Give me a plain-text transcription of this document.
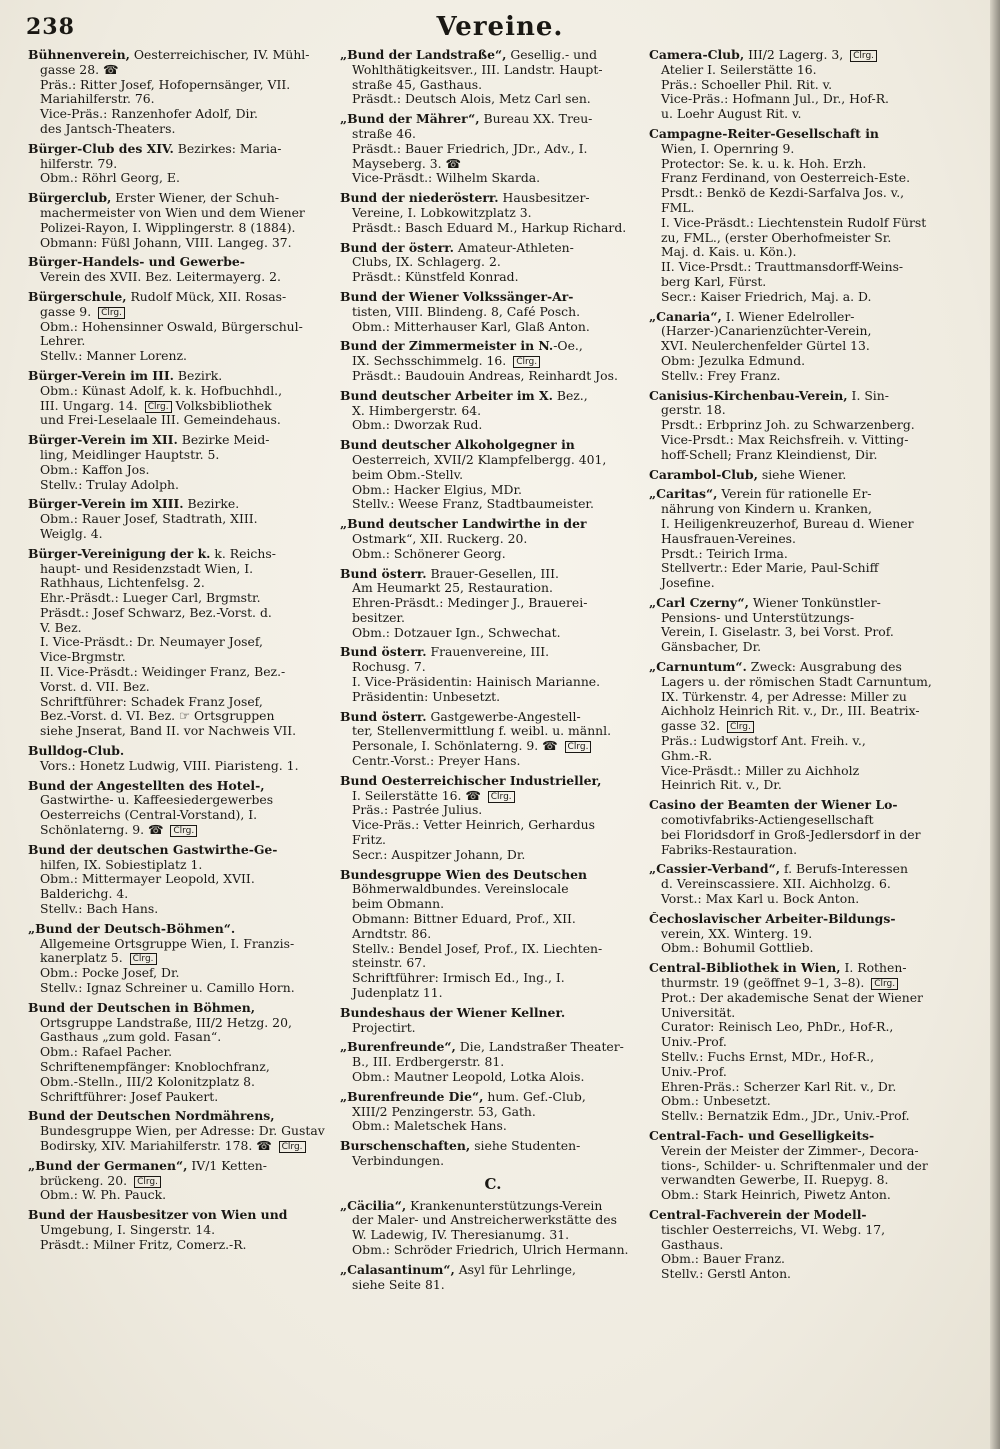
238	Vereine.
Bühnenverein, Oesterreichischer, IV. Mühl-
gasse 28. ☎
Präs.: Ritter Josef, Hofopernsänger, VII.
Mariahilferstr. 76.
Vice-Präs.: Ranzenhofer Adolf, Dir.
des Jantsch-Theaters.
Bürger-Club des XIV. Bezirkes: Maria-
hilferstr. 79.
Obm.: Röhrl Georg, E.
Bürgerclub, Erster Wiener, der Schuh-
machermeister von Wien und dem Wiener
Polizei-Rayon, I. Wipplingerstr. 8 (1884).
Obmann: Füßl Johann, VIII. Langeg. 37.
Bürger-Handels- und Gewerbe-
Verein des XVII. Bez. Leitermayerg. 2.
Bürgerschule, Rudolf Mück, XII. Rosas-
gasse 9. Clrg.
Obm.: Hohensinner Oswald, Bürgerschul-
Lehrer.
Stellv.: Manner Lorenz.
Bürger-Verein im III. Bezirk.
Obm.: Künast Adolf, k. k. Hofbuchhdl.,
III. Ungarg. 14. Clrg. Volksbibliothek
und Frei-Leselaale III. Gemeindehaus.
Bürger-Verein im XII. Bezirke Meid-
ling, Meidlinger Hauptstr. 5.
Obm.: Kaffon Jos.
Stellv.: Trulay Adolph.
Bürger-Verein im XIII. Bezirke.
Obm.: Rauer Josef, Stadtrath, XIII.
Weiglg. 4.
Bürger-Vereinigung der k. k. Reichs-
haupt- und Residenzstadt Wien, I.
Rathhaus, Lichtenfelsg. 2.
Ehr.-Präsdt.: Lueger Carl, Brgmstr.
Präsdt.: Josef Schwarz, Bez.-Vorst. d.
V. Bez.
I. Vice-Präsdt.: Dr. Neumayer Josef,
Vice-Brgmstr.
II. Vice-Präsdt.: Weidinger Franz, Bez.-
Vorst. d. VII. Bez.
Schriftführer: Schadek Franz Josef,
Bez.-Vorst. d. VI. Bez. ☞ Ortsgruppen
siehe Jnserat, Band II. vor Nachweis VII.
Bulldog-Club.
Vors.: Honetz Ludwig, VIII. Piaristeng. 1.
Bund der Angestellten des Hotel-,
Gastwirthe- u. Kaffeesiedergewerbes
Oesterreichs (Central-Vorstand), I.
Schönlaterng. 9. ☎ Clrg.
Bund der deutschen Gastwirthe-Ge-
hilfen, IX. Sobiestiplatz 1.
Obm.: Mittermayer Leopold, XVII.
Balderichg. 4.
Stellv.: Bach Hans.
„Bund der Deutsch-Böhmen“.
Allgemeine Ortsgruppe Wien, I. Franzis-
kanerplatz 5. Clrg.
Obm.: Pocke Josef, Dr.
Stellv.: Ignaz Schreiner u. Camillo Horn.
Bund der Deutschen in Böhmen,
Ortsgruppe Landstraße, III/2 Hetzg. 20,
Gasthaus „zum gold. Fasan“.
Obm.: Rafael Pacher.
Schriftenempfänger: Knoblochfranz,
Obm.-Stelln., III/2 Kolonitzplatz 8.
Schriftführer: Josef Paukert.
Bund der Deutschen Nordmährens,
Bundesgruppe Wien, per Adresse: Dr. Gustav
Bodirsky, XIV. Mariahilferstr. 178. ☎ Clrg.
„Bund der Germanen“, IV/1 Ketten-
brückeng. 20. Clrg.
Obm.: W. Ph. Pauck.
Bund der Hausbesitzer von Wien und
Umgebung, I. Singerstr. 14.
Präsdt.: Milner Fritz, Comerz.-R.
„Bund der Landstraße“, Gesellig.- und
Wohlthätigkeitsver., III. Landstr. Haupt-
straße 45, Gasthaus.
Präsdt.: Deutsch Alois, Metz Carl sen.
„Bund der Mährer“, Bureau XX. Treu-
straße 46.
Präsdt.: Bauer Friedrich, JDr., Adv., I.
Mayseberg. 3. ☎
Vice-Präsdt.: Wilhelm Skarda.
Bund der niederösterr. Hausbesitzer-
Vereine, I. Lobkowitzplatz 3.
Präsdt.: Basch Eduard M., Harkup Richard.
Bund der österr. Amateur-Athleten-
Clubs, IX. Schlagerg. 2.
Präsdt.: Künstfeld Konrad.
Bund der Wiener Volkssänger-Ar-
tisten, VIII. Blindeng. 8, Café Posch.
Obm.: Mitterhauser Karl, Glaß Anton.
Bund der Zimmermeister in N.-Oe.,
IX. Sechsschimmelg. 16. Clrg.
Präsdt.: Baudouin Andreas, Reinhardt Jos.
Bund deutscher Arbeiter im X. Bez.,
X. Himbergerstr. 64.
Obm.: Dworzak Rud.
Bund deutscher Alkoholgegner in
Oesterreich, XVII/2 Klampfelbergg. 401,
beim Obm.-Stellv.
Obm.: Hacker Elgius, MDr.
Stellv.: Weese Franz, Stadtbaumeister.
„Bund deutscher Landwirthe in der
Ostmark“, XII. Ruckerg. 20.
Obm.: Schönerer Georg.
Bund österr. Brauer-Gesellen, III.
Am Heumarkt 25, Restauration.
Ehren-Präsdt.: Medinger J., Brauerei-
besitzer.
Obm.: Dotzauer Ign., Schwechat.
Bund österr. Frauenvereine, III.
Rochusg. 7.
I. Vice-Präsidentin: Hainisch Marianne.
Präsidentin: Unbesetzt.
Bund österr. Gastgewerbe-Angestell-
ter, Stellenvermittlung f. weibl. u. männl.
Personale, I. Schönlaterng. 9. ☎ Clrg.
Centr.-Vorst.: Preyer Hans.
Bund Oesterreichischer Industrieller,
I. Seilerstätte 16. ☎ Clrg.
Präs.: Pastrée Julius.
Vice-Präs.: Vetter Heinrich, Gerhardus
Fritz.
Secr.: Auspitzer Johann, Dr.
Bundesgruppe Wien des Deutschen
Böhmerwaldbundes. Vereinslocale
beim Obmann.
Obmann: Bittner Eduard, Prof., XII.
Arndtstr. 86.
Stellv.: Bendel Josef, Prof., IX. Liechten-
steinstr. 67.
Schriftführer: Irmisch Ed., Ing., I.
Judenplatz 11.
Bundeshaus der Wiener Kellner.
Projectirt.
„Burenfreunde“, Die, Landstraßer Theater-
B., III. Erdbergerstr. 81.
Obm.: Mautner Leopold, Lotka Alois.
„Burenfreunde Die“, hum. Gef.-Club,
XIII/2 Penzingerstr. 53, Gath.
Obm.: Maletschek Hans.
Burschenschaften, siehe Studenten-
Verbindungen.
C.
„Cäcilia“, Krankenunterstützungs-Verein
der Maler- und Anstreicherwerkstätte des
W. Ladewig, IV. Theresianumg. 31.
Obm.: Schröder Friedrich, Ulrich Hermann.
„Calasantinum“, Asyl für Lehrlinge,
siehe Seite 81.
Camera-Club, III/2 Lagerg. 3, Clrg.
Atelier I. Seilerstätte 16.
Präs.: Schoeller Phil. Rit. v.
Vice-Präs.: Hofmann Jul., Dr., Hof-R.
u. Loehr August Rit. v.
Campagne-Reiter-Gesellschaft in
Wien, I. Opernring 9.
Protector: Se. k. u. k. Hoh. Erzh.
Franz Ferdinand, von Oesterreich-Este.
Prsdt.: Benkö de Kezdi-Sarfalva Jos. v.,
FML.
I. Vice-Präsdt.: Liechtenstein Rudolf Fürst
zu, FML., (erster Oberhofmeister Sr.
Maj. d. Kais. u. Kön.).
II. Vice-Prsdt.: Trauttmansdorff-Weins-
berg Karl, Fürst.
Secr.: Kaiser Friedrich, Maj. a. D.
„Canaria“, I. Wiener Edelroller-
(Harzer-)Canarienzüchter-Verein,
XVI. Neulerchenfelder Gürtel 13.
Obm: Jezulka Edmund.
Stellv.: Frey Franz.
Canisius-Kirchenbau-Verein, I. Sin-
gerstr. 18.
Prsdt.: Erbprinz Joh. zu Schwarzenberg.
Vice-Prsdt.: Max Reichsfreih. v. Vitting-
hoff-Schell; Franz Kleindienst, Dir.
Carambol-Club, siehe Wiener.
„Caritas“, Verein für rationelle Er-
nährung von Kindern u. Kranken,
I. Heiligenkreuzerhof, Bureau d. Wiener
Hausfrauen-Vereines.
Prsdt.: Teirich Irma.
Stellvertr.: Eder Marie, Paul-Schiff
Josefine.
„Carl Czerny“, Wiener Tonkünstler-
Pensions- und Unterstützungs-
Verein, I. Giselastr. 3, bei Vorst. Prof.
Gänsbacher, Dr.
„Carnuntum“. Zweck: Ausgrabung des
Lagers u. der römischen Stadt Carnuntum,
IX. Türkenstr. 4, per Adresse: Miller zu
Aichholz Heinrich Rit. v., Dr., III. Beatrix-
gasse 32. Clrg.
Präs.: Ludwigstorf Ant. Freih. v.,
Ghm.-R.
Vice-Präsdt.: Miller zu Aichholz
Heinrich Rit. v., Dr.
Casino der Beamten der Wiener Lo-
comotivfabriks-Actiengesellschaft
bei Floridsdorf in Groß-Jedlersdorf in der
Fabriks-Restauration.
„Cassier-Verband“, f. Berufs-Interessen
d. Vereinscassiere. XII. Aichholzg. 6.
Vorst.: Max Karl u. Bock Anton.
Čechoslavischer Arbeiter-Bildungs-
verein, XX. Winterg. 19.
Obm.: Bohumil Gottlieb.
Central-Bibliothek in Wien, I. Rothen-
thurmstr. 19 (geöffnet 9–1, 3–8). Clrg.
Prot.: Der akademische Senat der Wiener
Universität.
Curator: Reinisch Leo, PhDr., Hof-R.,
Univ.-Prof.
Stellv.: Fuchs Ernst, MDr., Hof-R.,
Univ.-Prof.
Ehren-Präs.: Scherzer Karl Rit. v., Dr.
Obm.: Unbesetzt.
Stellv.: Bernatzik Edm., JDr., Univ.-Prof.
Central-Fach- und Geselligkeits-
Verein der Meister der Zimmer-, Decora-
tions-, Schilder- u. Schriftenmaler und der
verwandten Gewerbe, II. Ruepyg. 8.
Obm.: Stark Heinrich, Piwetz Anton.
Central-Fachverein der Modell-
tischler Oesterreichs, VI. Webg. 17,
Gasthaus.
Obm.: Bauer Franz.
Stellv.: Gerstl Anton.
